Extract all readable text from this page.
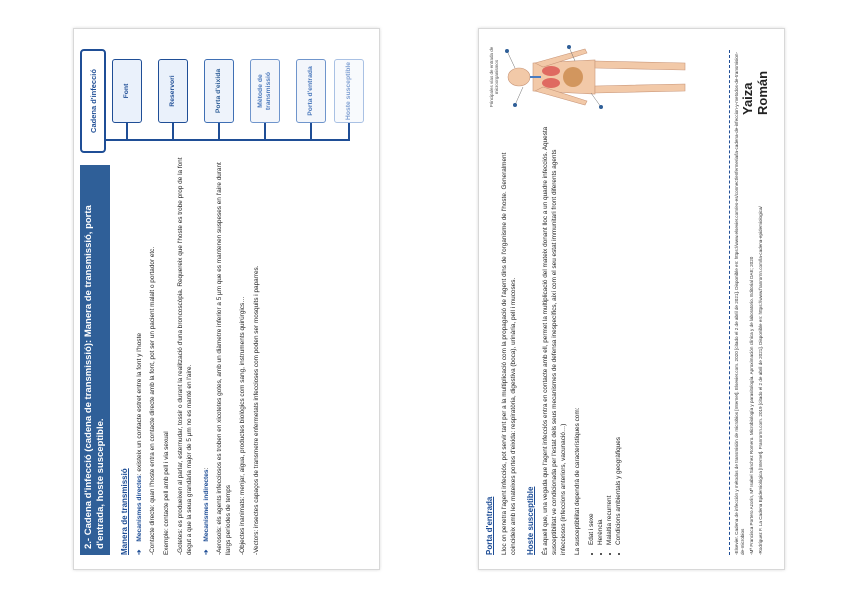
2.- Cadena d'infecció (cadena de transmissió): Manera de transmissió, porta d'entrada, hoste susceptible.	Manera de transmissió ➔ Mecanismes directes: existeix un contacte estret entre la font y l'hoste -Contacte directe: quan l'hoste entra en contacte directe amb la font, pot ser un pacient malalt o portador etc. Exemple: contacte pell amb pell i via sexual -Gotetes: es produeixen al parlar, esternudar, tossir o durant la realització d'una broncoscòpia. Requereix que l'hoste es trobe prop de la font degut a que la seua grandària major de 5 µm no es manté en l'aire. ➔ Mecanismes indirectes: -Aerosols: els agents infecciosos es troben en xicotetes gotes, amb un diàmetre inferior a 5 µm que es mantenen suspeses en l'aire durant llargs períodes de temps -Objectes inanimats: menjar, aigua, productes biològics com sang, instruments quirúrgics… -Vectors: insectes capaços de transmetre enfermetats infeccioses com poden ser mosquits i paparres.

Cadena d'infecció	Font	Reservori	Porta d'eixida	Mètode de transmissió	Porta d'entrada	Hoste susceptible

Porta d'entrada Lloc on penetra l'agent infecciós, pot servir tant per a la multiplicació com la propagació de l'agent dins de l'organisme de l'hoste. Generalment coincideix amb les mateixes portes d'eixida: respiratòria, digestiva (boca), urinària, pell i mucoses. Hoste susceptible És aquell que, una vegada que l'agent infecciós entra en contacte amb ell, permet la multiplicació del mateix donant lloc a un quadre infecciós. Aquesta susceptibilitat ve condicionada per l'estat dels seus mecanismes de defensa inespecífics, així com el seu estat immunitari front diferents agents infecciosos (infeccions anteriors, vacunació…) La susceptibilitat dependrà de característiques com: • Edat i sexe • Herència • Malaltia recurrent • Condicions ambientals y geogràfiques
Principales vías de entrada de microorganismos	-Elsevier. Cadena de infección y métodos de transmisión de microbios [Internet]. Elsevier.com. 2020 [citado el 2 de abril de 2021]. Disponible en: https://www.elsevier.com/es-es/connect/enfermeria/la-cadena-de-infeccion-y-metodos-de-transmision-de-microbios -Mª Francisca Portero Azorín, Mª Isabel Sánchez Romero. Microbiología y parasitología. Aproximación clínica y de laboratorio. Editorial DAE; 2020 -Rodríguez F. La Cadena Epidemiológica [Internet]. Franrornn.com. 2019 [citado el 2 de abril de 2021]. Disponible en: https://www.franrornn.com/la-cadena-epidemiologica/

Yaiza Román
